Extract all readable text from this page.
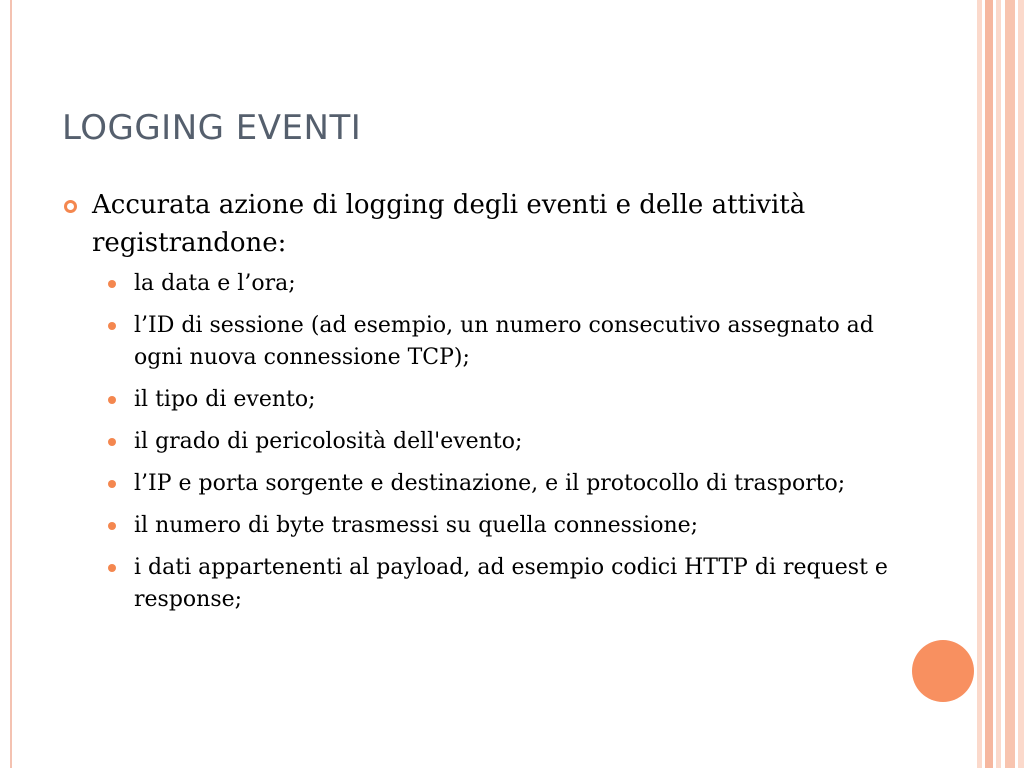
LOGGING EVENTI
Accurata azione di logging degli eventi e delle attività registrandone:
la data e l’ora;
l’ID di sessione (ad esempio, un numero consecutivo assegnato ad ogni nuova connessione TCP);
il tipo di evento;
il grado di pericolosità dell'evento;
l’IP e porta sorgente e destinazione, e il protocollo di trasporto;
il numero di byte trasmessi su quella connessione;
i dati appartenenti al payload, ad esempio codici HTTP di request e response;
